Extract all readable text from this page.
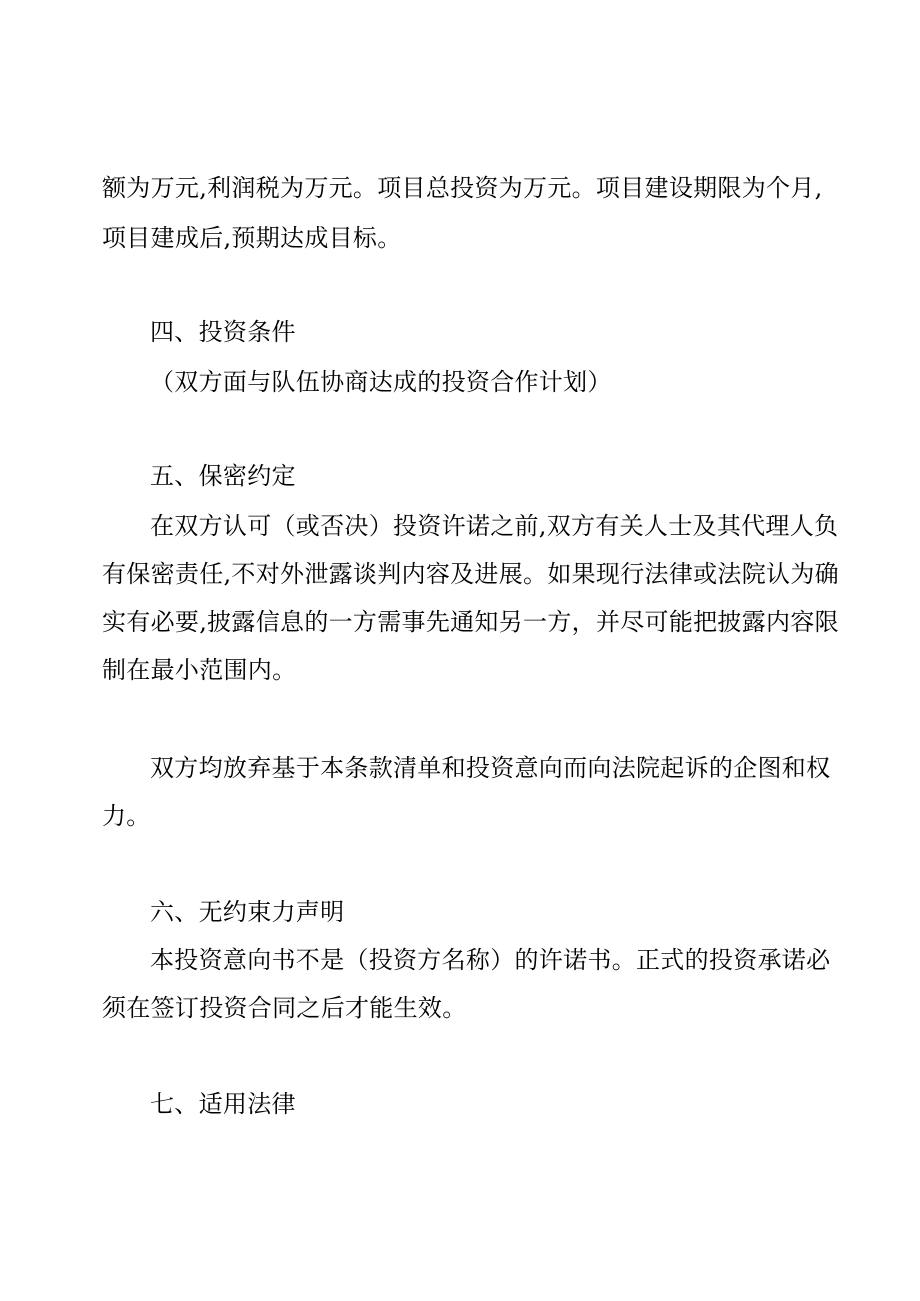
额为万元,利润税为万元。项目总投资为万元。项目建设期限为个月,
项目建成后,预期达成目标。
四、投资条件
（双方面与队伍协商达成的投资合作计划）
五、保密约定
在双方认可（或否决）投资许诺之前,双方有关人士及其代理人负
有保密责任,不对外泄露谈判内容及进展。如果现行法律或法院认为确
实有必要,披露信息的一方需事先通知另一方，并尽可能把披露内容限
制在最小范围内。
双方均放弃基于本条款清单和投资意向而向法院起诉的企图和权
力。
六、无约束力声明
本投资意向书不是（投资方名称）的许诺书。正式的投资承诺必
须在签订投资合同之后才能生效。
七、适用法律
